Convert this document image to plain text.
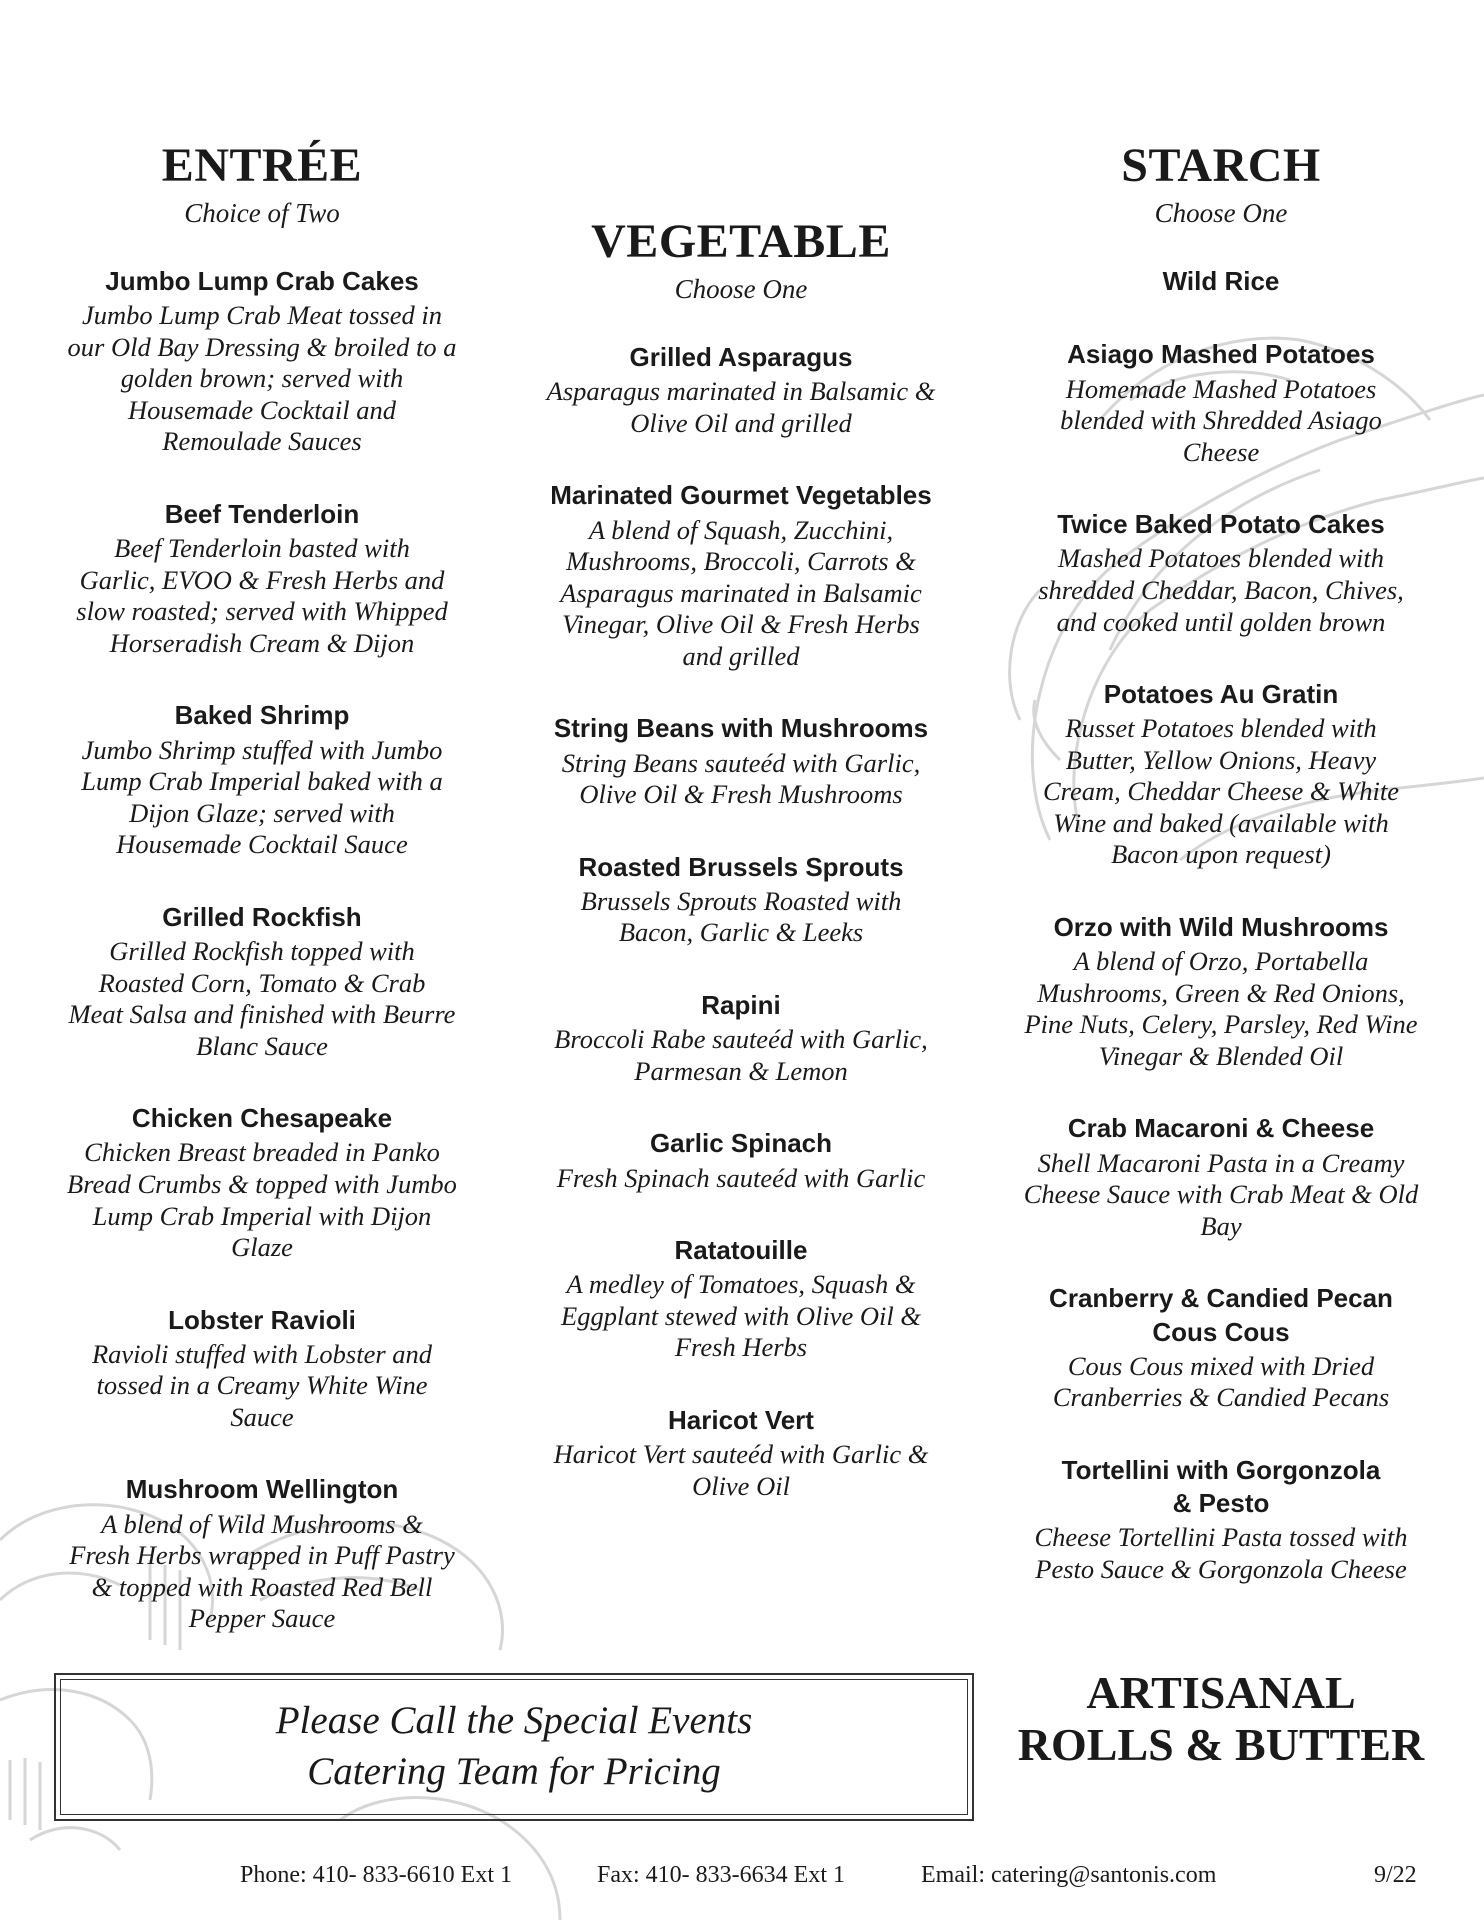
ENTRÉE

Choice of Two

Jumbo Lump Crab Cakes
Jumbo Lump Crab Meat tossed in
our Old Bay Dressing & broiled to a
golden brown; served with
Housemade Cocktail and
Remoulade Sauces
Beef Tenderloin
Beef Tenderloin basted with
Garlic, EVOO & Fresh Herbs and
slow roasted; served with Whipped
Horseradish Cream & Dijon
Baked Shrimp
Jumbo Shrimp stuffed with Jumbo
Lump Crab Imperial baked with a
Dijon Glaze; served with
Housemade Cocktail Sauce
Grilled Rockfish
Grilled Rockfish topped with
Roasted Corn, Tomato & Crab
Meat Salsa and finished with Beurre
Blanc Sauce
Chicken Chesapeake
Chicken Breast breaded in Panko
Bread Crumbs & topped with Jumbo
Lump Crab Imperial with Dijon
Glaze
Lobster Ravioli
Ravioli stuffed with Lobster and
tossed in a Creamy White Wine
Sauce
Mushroom Wellington
A blend of Wild Mushrooms &
Fresh Herbs wrapped in Puff Pastry
& topped with Roasted Red Bell
Pepper Sauce
VEGETABLE

Choose One

Grilled Asparagus
Asparagus marinated in Balsamic &
Olive Oil and grilled
Marinated Gourmet Vegetables
A blend of Squash, Zucchini,
Mushrooms, Broccoli, Carrots &
Asparagus marinated in Balsamic
Vinegar, Olive Oil & Fresh Herbs
and grilled
String Beans with Mushrooms
String Beans sauteéd with Garlic,
Olive Oil & Fresh Mushrooms
Roasted Brussels Sprouts
Brussels Sprouts Roasted with
Bacon, Garlic & Leeks
Rapini
Broccoli Rabe sauteéd with Garlic,
Parmesan & Lemon
Garlic Spinach
Fresh Spinach sauteéd with Garlic
Ratatouille
A medley of Tomatoes, Squash &
Eggplant stewed with Olive Oil &
Fresh Herbs
Haricot Vert
Haricot Vert sauteéd with Garlic &
Olive Oil
STARCH

Choose One

Wild Rice
Asiago Mashed Potatoes
Homemade Mashed Potatoes
blended with Shredded Asiago
Cheese
Twice Baked Potato Cakes
Mashed Potatoes blended with
shredded Cheddar, Bacon, Chives,
and cooked until golden brown
Potatoes Au Gratin
Russet Potatoes blended with
Butter, Yellow Onions, Heavy
Cream, Cheddar Cheese & White
Wine and baked (available with
Bacon upon request)
Orzo with Wild Mushrooms
A blend of Orzo, Portabella
Mushrooms, Green & Red Onions,
Pine Nuts, Celery, Parsley, Red Wine
Vinegar & Blended Oil
Crab Macaroni & Cheese
Shell Macaroni Pasta in a Creamy
Cheese Sauce with Crab Meat & Old
Bay
Cranberry & Candied Pecan
Cous Cous
Cous Cous mixed with Dried
Cranberries & Candied Pecans
Tortellini with Gorgonzola
& Pesto
Cheese Tortellini Pasta tossed with
Pesto Sauce & Gorgonzola Cheese
Please Call the Special Events
Catering Team for Pricing
ARTISANAL
ROLLS & BUTTER
Phone: 410- 833-6610 Ext 1	Fax: 410- 833-6634 Ext 1	Email: catering@santonis.com	9/22
